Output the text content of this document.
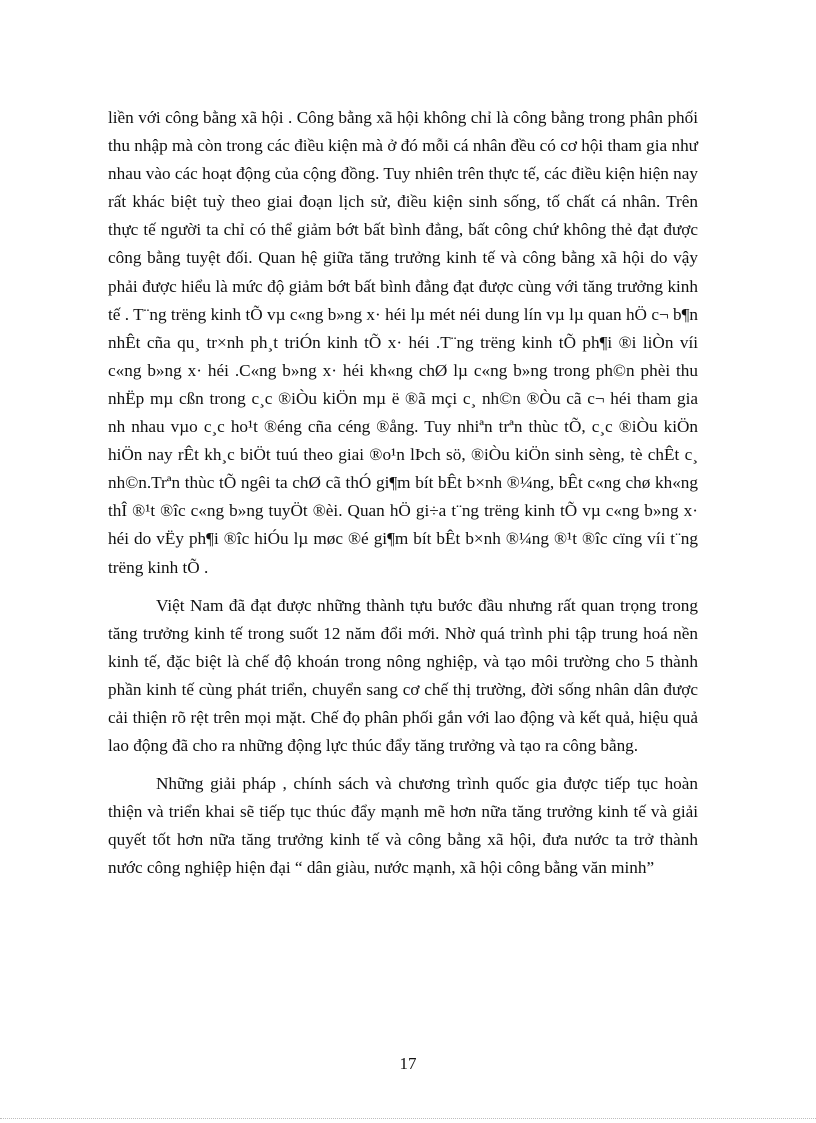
liền với công bằng xã hội . Công bằng xã hội không chỉ là công bằng trong phân phối thu nhập mà còn trong các điều kiện mà ở đó mỗi cá nhân đều có cơ hội tham gia như nhau vào các hoạt động của cộng đồng. Tuy nhiên trên thực tế, các điều kiện hiện nay rất khác biệt tuỳ theo giai đoạn lịch sử, điều kiện sinh sống, tố chất cá nhân. Trên thực tế người ta chỉ có thể giảm bớt bất bình đẳng, bất công chứ không thẻ đạt được công bằng tuyệt đối. Quan hệ giữa tăng trưởng kinh tế và công bằng xã hội do vậy phải được hiểu là mức độ giảm bớt bất bình đẳng đạt được cùng với tăng trưởng kinh tế . T¨ng trëng kinh tÕ vµ c«ng b»ng x· héi lµ mét néi dung lín vµ lµ quan hÖ c¬ b¶n nhÊt cña qu¸ tr×nh ph¸t triÓn kinh tÕ x· héi .T¨ng trëng kinh tÕ ph¶i ®i liÒn víi c«ng b»ng x· héi .C«ng b»ng x· héi kh«ng chØ lµ c«ng b»ng trong ph©n phèi thu nhËp mµ cßn trong c¸c ®iÒu kiÖn mµ ë ®ã mçi c¸ nh©n ®Òu cã c¬ héi tham gia nh nhau vµo c¸c ho¹t ®éng cña céng ®ång. Tuy nhiªn trªn thùc tÕ, c¸c ®iÒu kiÖn hiÖn nay rÊt kh¸c biÖt tuú theo giai ®o¹n lÞch sö, ®iÒu kiÖn sinh sèng, tè chÊt c¸ nh©n.Trªn thùc tÕ ngêi ta chØ cã thÓ gi¶m bít bÊt b×nh ®¼ng, bÊt c«ng chø kh«ng thÎ ®¹t ®îc c«ng b»ng tuyÖt ®èi. Quan hÖ gi÷a t¨ng trëng kinh tÕ vµ c«ng b»ng x· héi do vËy ph¶i ®îc hiÓu lµ møc ®é gi¶m bít bÊt b×nh ®¼ng ®¹t ®îc cïng víi t¨ng trëng kinh tÕ .

Việt Nam đã đạt được những thành tựu bước đầu nhưng rất quan trọng trong tăng trưởng kinh tế trong suốt 12 năm đổi mới. Nhờ quá trình phi tập trung hoá nền kinh tế, đặc biệt là chế độ khoán trong nông nghiệp, và tạo môi trường cho 5 thành phần kinh tế cùng phát triển, chuyển sang cơ chế thị trường, đời sống nhân dân được cải thiện rõ rệt trên mọi mặt. Chế đọ phân phối gắn với lao động và kết quả, hiệu quả lao động đã cho ra những động lực thúc đẩy tăng trưởng và tạo ra công bằng.

Những giải pháp , chính sách và chương trình quốc gia được tiếp tục hoàn thiện và triển khai sẽ tiếp tục thúc đẩy mạnh mẽ hơn nữa tăng trưởng kinh tế và giải quyết tốt hơn nữa tăng trưởng kinh tế và công bằng xã hội, đưa nước ta trở thành nước công nghiệp hiện đại “ dân giàu, nước mạnh, xã hội công bằng văn minh”

17
